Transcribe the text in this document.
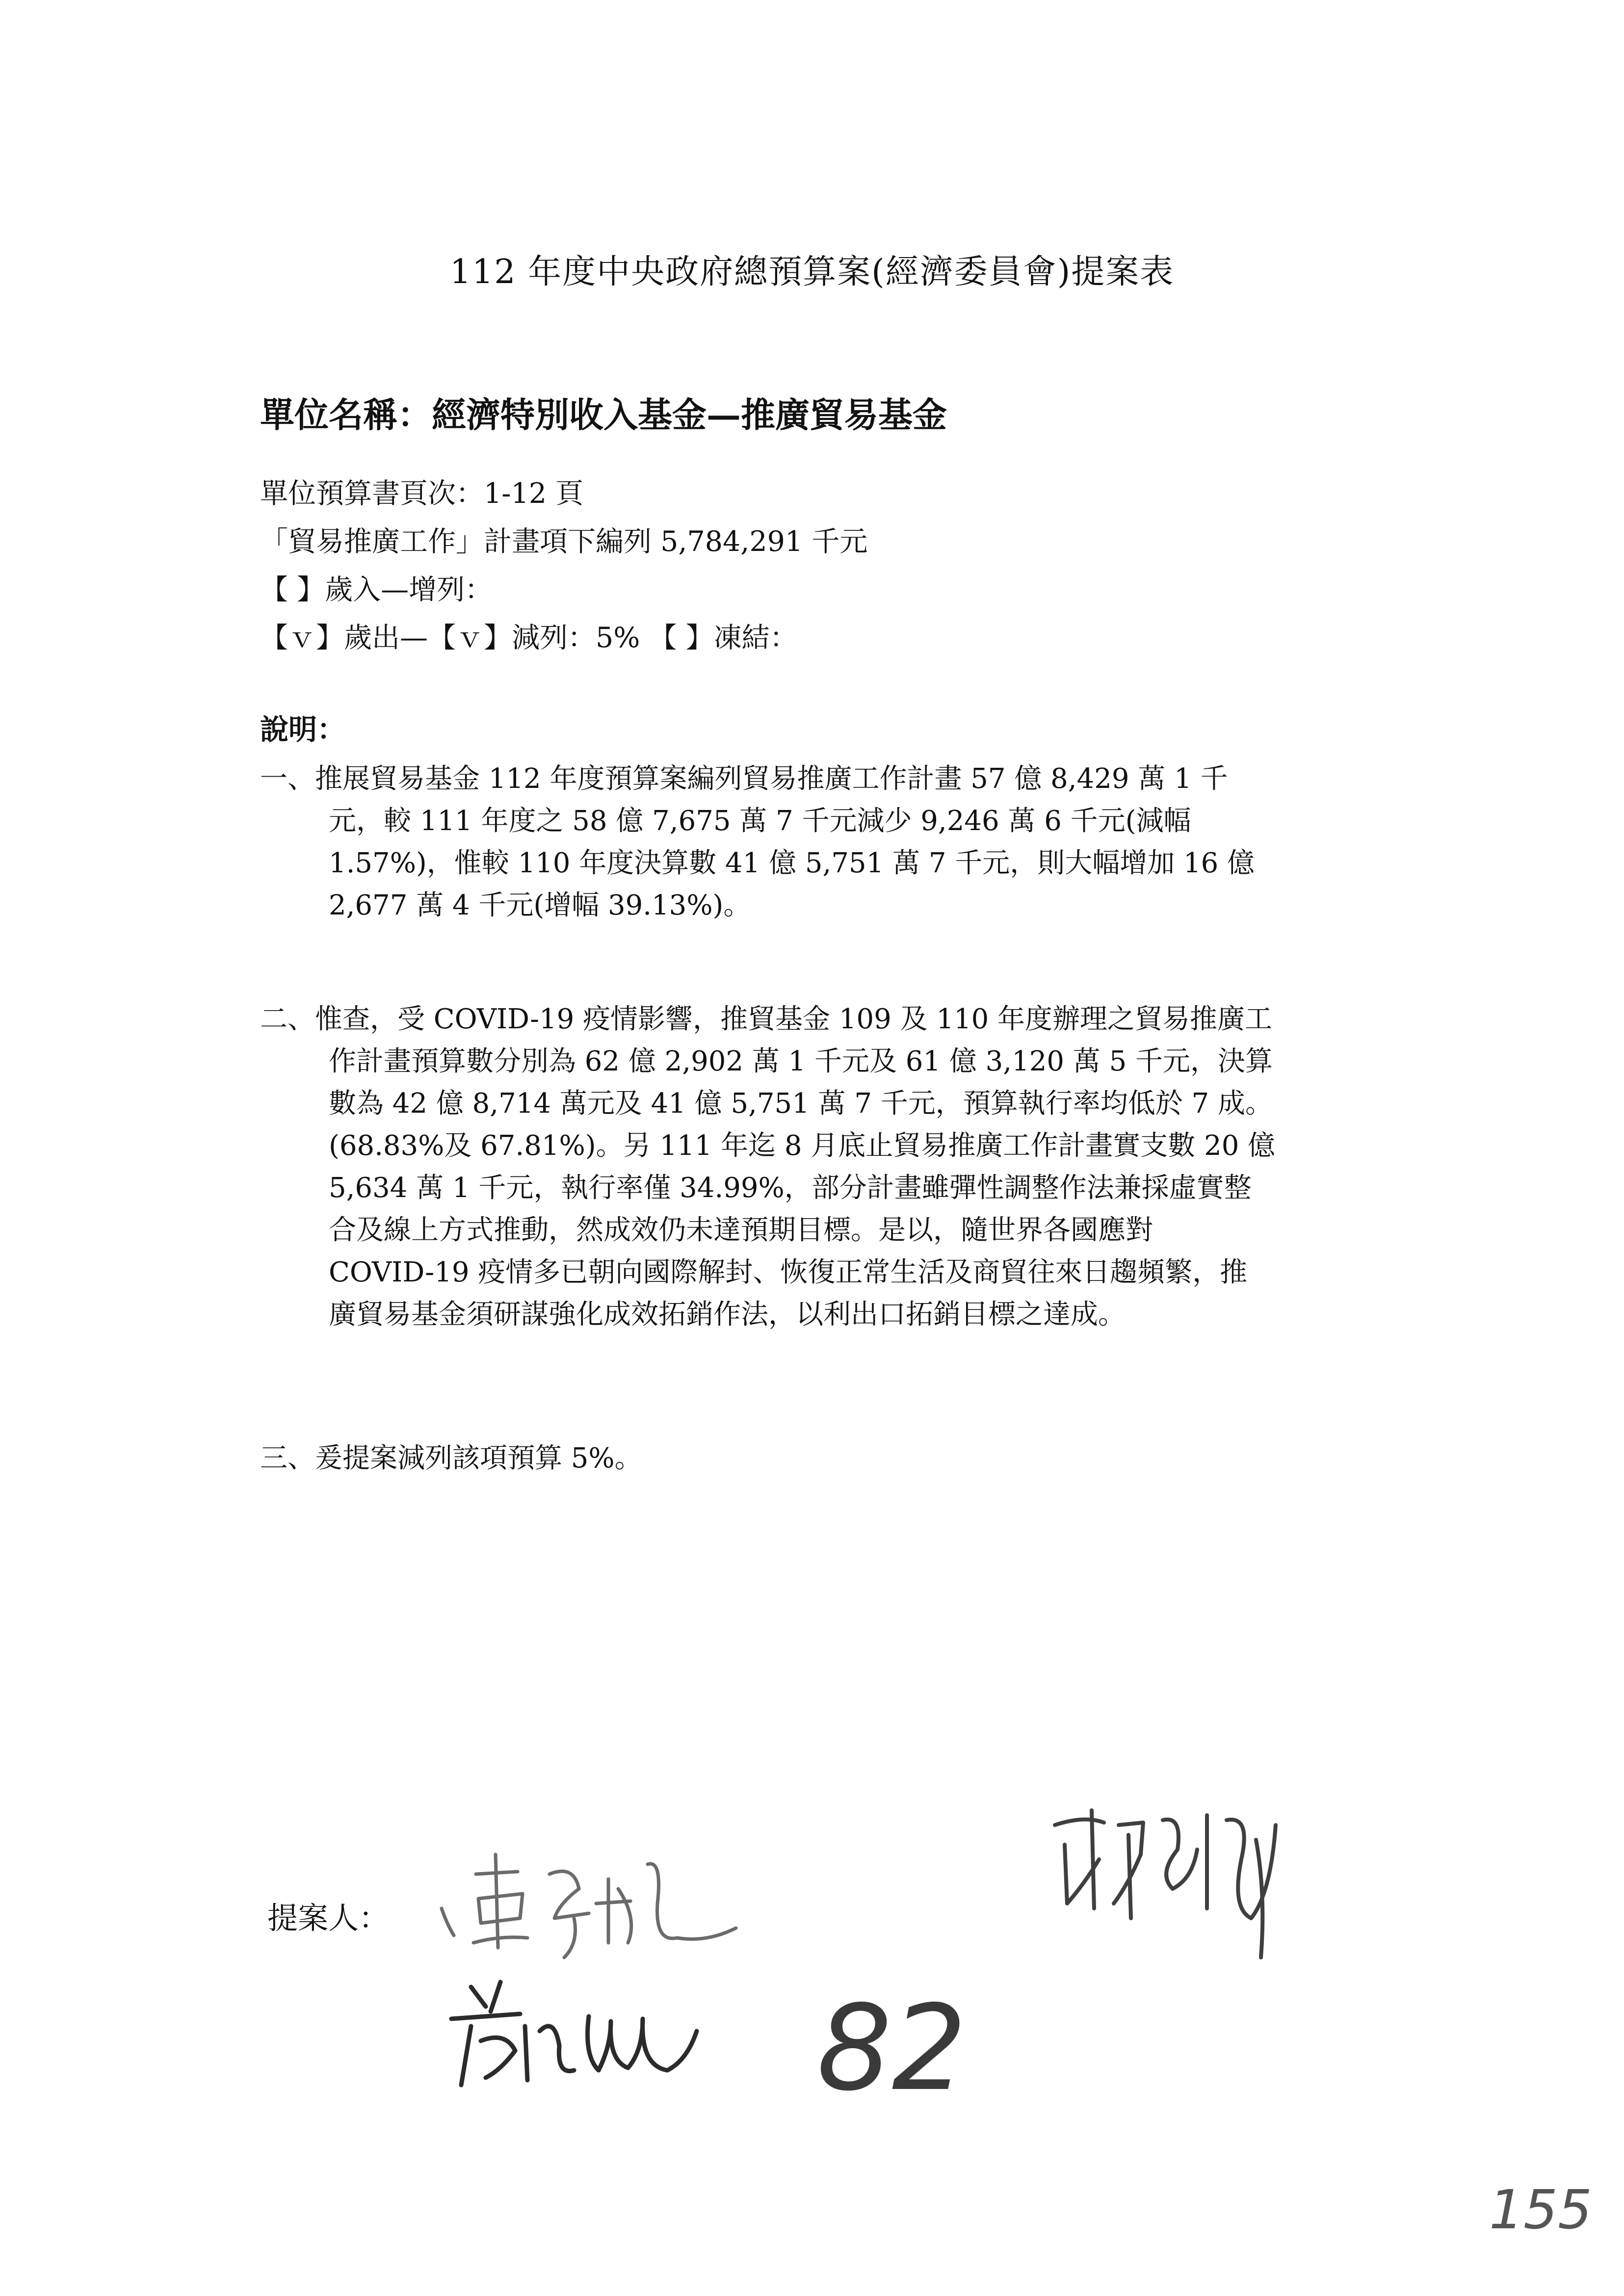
112 年度中央政府總預算案(經濟委員會)提案表
單位名稱：經濟特別收入基金—推廣貿易基金
單位預算書頁次：1-12 頁
「貿易推廣工作」計畫項下編列 5,784,291 千元
【 】歲入—增列：
【ｖ】歲出—【ｖ】減列：5% 【 】凍結：
說明：
一、推展貿易基金 112 年度預算案編列貿易推廣工作計畫 57 億 8,429 萬 1 千
元，較 111 年度之 58 億 7,675 萬 7 千元減少 9,246 萬 6 千元(減幅
1.57%)，惟較 110 年度決算數 41 億 5,751 萬 7 千元，則大幅增加 16 億
2,677 萬 4 千元(增幅 39.13%)。
二、惟查，受 COVID-19 疫情影響，推貿基金 109 及 110 年度辦理之貿易推廣工
作計畫預算數分別為 62 億 2,902 萬 1 千元及 61 億 3,120 萬 5 千元，決算
數為 42 億 8,714 萬元及 41 億 5,751 萬 7 千元，預算執行率均低於 7 成。
(68.83%及 67.81%)。另 111 年迄 8 月底止貿易推廣工作計畫實支數 20 億
5,634 萬 1 千元，執行率僅 34.99%，部分計畫雖彈性調整作法兼採虛實整
合及線上方式推動，然成效仍未達預期目標。是以，隨世界各國應對
COVID-19 疫情多已朝向國際解封、恢復正常生活及商貿往來日趨頻繁，推
廣貿易基金須研謀強化成效拓銷作法，以利出口拓銷目標之達成。
三、爰提案減列該項預算 5%。
提案人：
82
155
